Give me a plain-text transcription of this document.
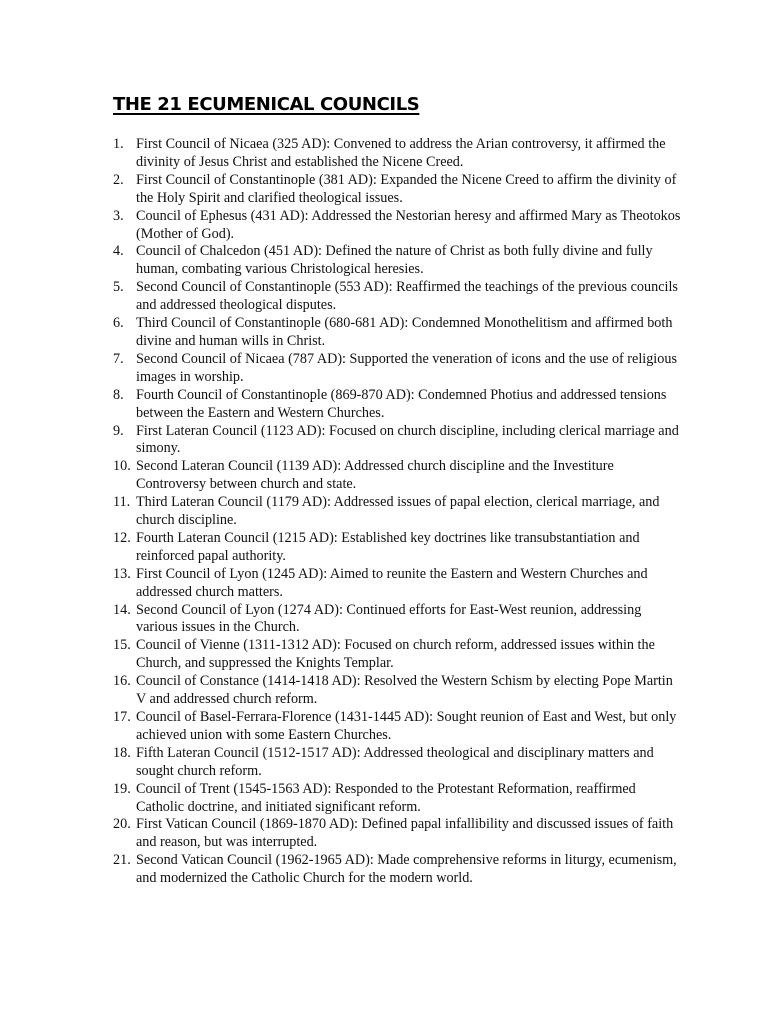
THE 21 ECUMENICAL COUNCILS
1. First Council of Nicaea (325 AD): Convened to address the Arian controversy, it affirmed the divinity of Jesus Christ and established the Nicene Creed.
2. First Council of Constantinople (381 AD): Expanded the Nicene Creed to affirm the divinity of the Holy Spirit and clarified theological issues.
3. Council of Ephesus (431 AD): Addressed the Nestorian heresy and affirmed Mary as Theotokos (Mother of God).
4. Council of Chalcedon (451 AD): Defined the nature of Christ as both fully divine and fully human, combating various Christological heresies.
5. Second Council of Constantinople (553 AD): Reaffirmed the teachings of the previous councils and addressed theological disputes.
6. Third Council of Constantinople (680-681 AD): Condemned Monothelitism and affirmed both divine and human wills in Christ.
7. Second Council of Nicaea (787 AD): Supported the veneration of icons and the use of religious images in worship.
8. Fourth Council of Constantinople (869-870 AD): Condemned Photius and addressed tensions between the Eastern and Western Churches.
9. First Lateran Council (1123 AD): Focused on church discipline, including clerical marriage and simony.
10. Second Lateran Council (1139 AD): Addressed church discipline and the Investiture Controversy between church and state.
11. Third Lateran Council (1179 AD): Addressed issues of papal election, clerical marriage, and church discipline.
12. Fourth Lateran Council (1215 AD): Established key doctrines like transubstantiation and reinforced papal authority.
13. First Council of Lyon (1245 AD): Aimed to reunite the Eastern and Western Churches and addressed church matters.
14. Second Council of Lyon (1274 AD): Continued efforts for East-West reunion, addressing various issues in the Church.
15. Council of Vienne (1311-1312 AD): Focused on church reform, addressed issues within the Church, and suppressed the Knights Templar.
16. Council of Constance (1414-1418 AD): Resolved the Western Schism by electing Pope Martin V and addressed church reform.
17. Council of Basel-Ferrara-Florence (1431-1445 AD): Sought reunion of East and West, but only achieved union with some Eastern Churches.
18. Fifth Lateran Council (1512-1517 AD): Addressed theological and disciplinary matters and sought church reform.
19. Council of Trent (1545-1563 AD): Responded to the Protestant Reformation, reaffirmed Catholic doctrine, and initiated significant reform.
20. First Vatican Council (1869-1870 AD): Defined papal infallibility and discussed issues of faith and reason, but was interrupted.
21. Second Vatican Council (1962-1965 AD): Made comprehensive reforms in liturgy, ecumenism, and modernized the Catholic Church for the modern world.
